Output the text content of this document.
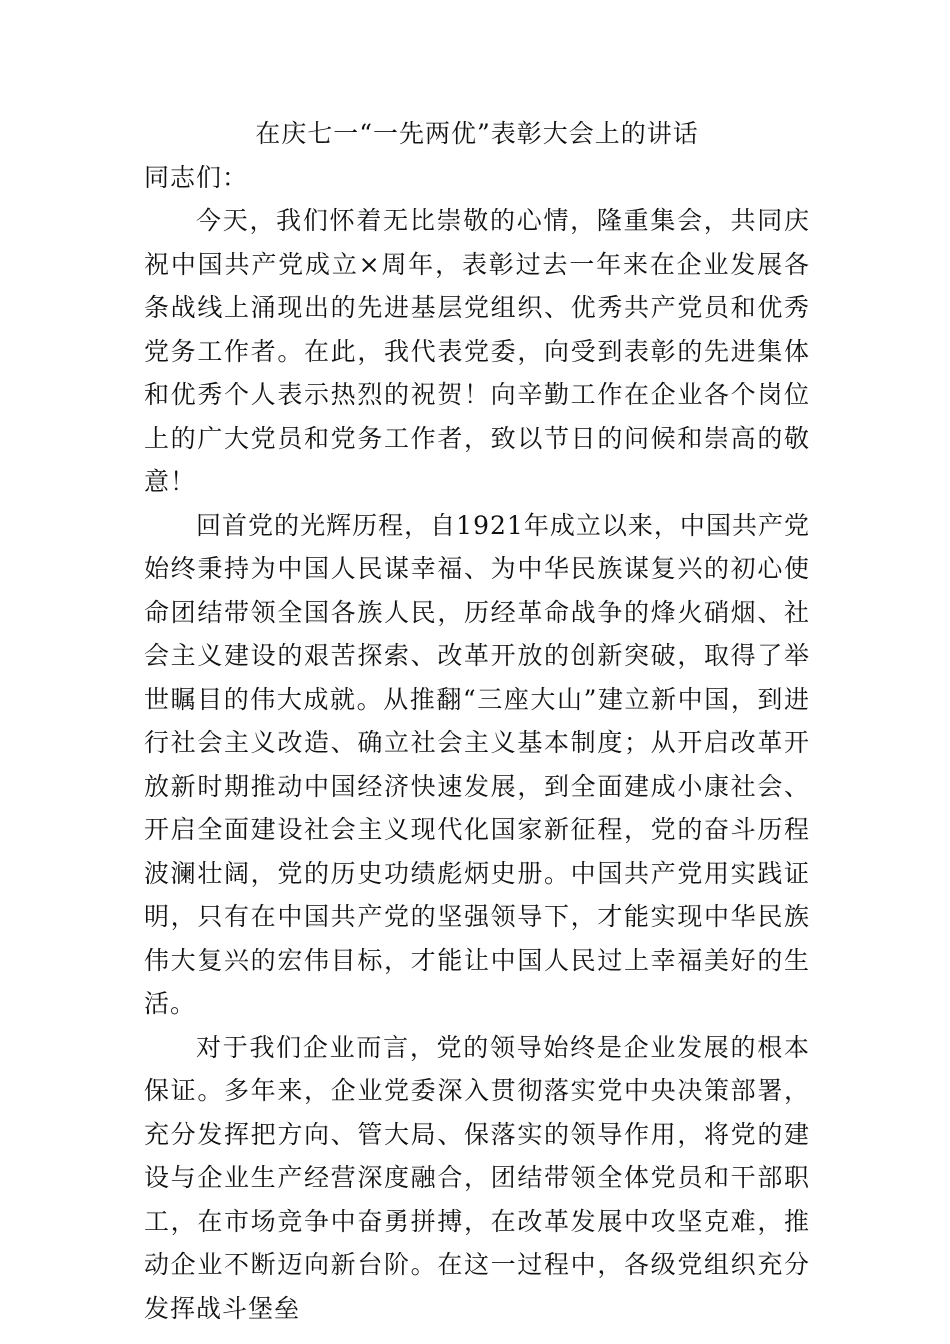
在庆七一“一先两优”表彰大会上的讲话

同志们：

今天，我们怀着无比崇敬的心情，隆重集会，共同庆祝中国共产党成立×周年，表彰过去一年来在企业发展各条战线上涌现出的先进基层党组织、优秀共产党员和优秀党务工作者。在此，我代表党委，向受到表彰的先进集体和优秀个人表示热烈的祝贺！向辛勤工作在企业各个岗位上的广大党员和党务工作者，致以节日的问候和崇高的敬意！

回首党的光辉历程，自1921年成立以来，中国共产党始终秉持为中国人民谋幸福、为中华民族谋复兴的初心使命团结带领全国各族人民，历经革命战争的烽火硝烟、社会主义建设的艰苦探索、改革开放的创新突破，取得了举世瞩目的伟大成就。从推翻“三座大山”建立新中国，到进行社会主义改造、确立社会主义基本制度；从开启改革开放新时期推动中国经济快速发展，到全面建成小康社会、开启全面建设社会主义现代化国家新征程，党的奋斗历程波澜壮阔，党的历史功绩彪炳史册。中国共产党用实践证明，只有在中国共产党的坚强领导下，才能实现中华民族伟大复兴的宏伟目标，才能让中国人民过上幸福美好的生活。

对于我们企业而言，党的领导始终是企业发展的根本保证。多年来，企业党委深入贯彻落实党中央决策部署，充分发挥把方向、管大局、保落实的领导作用，将党的建设与企业生产经营深度融合，团结带领全体党员和干部职工，在市场竞争中奋勇拼搏，在改革发展中攻坚克难，推动企业不断迈向新台阶。在这一过程中，各级党组织充分发挥战斗堡垒
